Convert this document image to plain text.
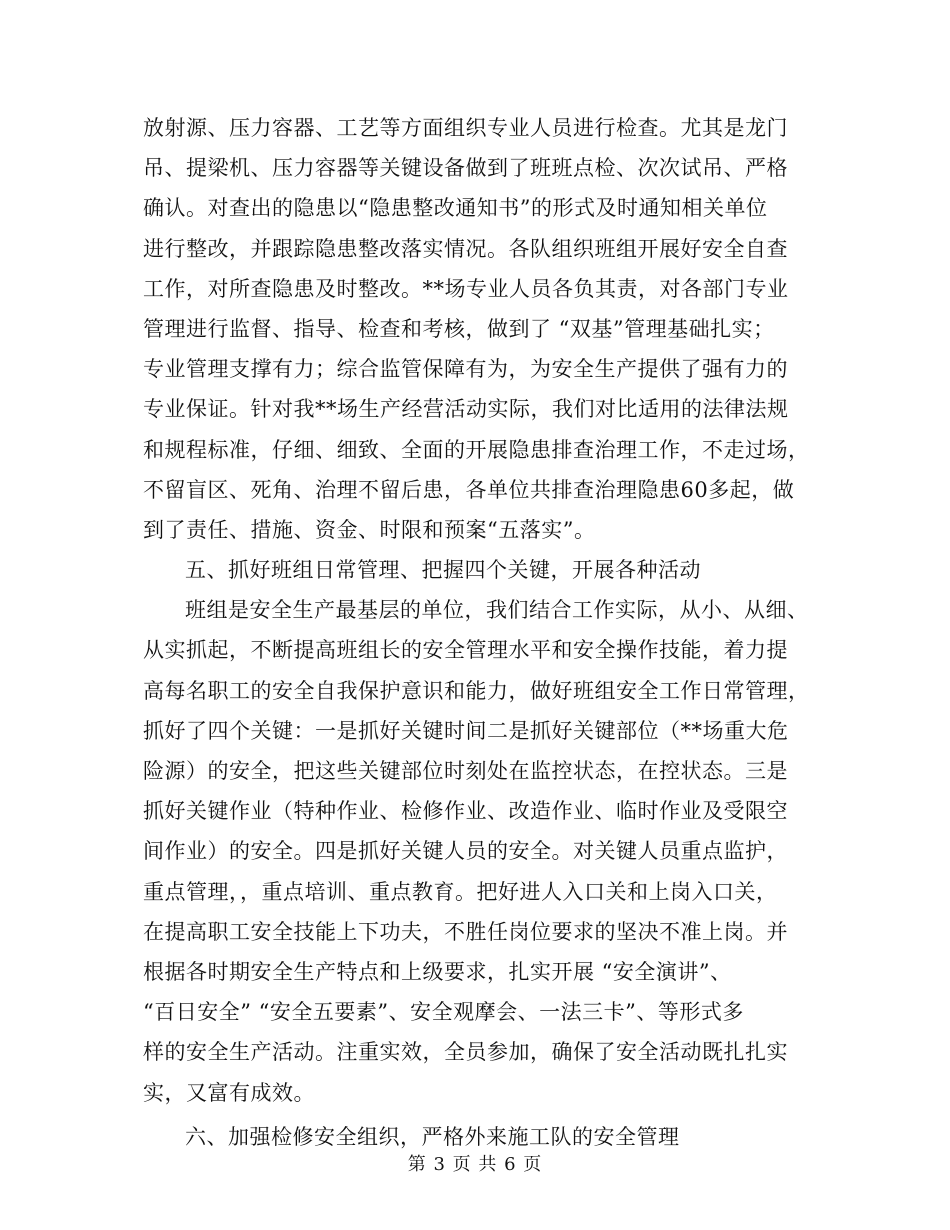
放射源、压力容器、工艺等方面组织专业人员进行检查。尤其是龙门
吊、提梁机、压力容器等关键设备做到了班班点检、次次试吊、严格
确认。对查出的隐患以“隐患整改通知书”的形式及时通知相关单位
进行整改，并跟踪隐患整改落实情况。各队组织班组开展好安全自查
工作，对所查隐患及时整改。**场专业人员各负其责，对各部门专业
管理进行监督、指导、检查和考核，做到了 “双基”管理基础扎实；
专业管理支撑有力；综合监管保障有为，为安全生产提供了强有力的
专业保证。针对我**场生产经营活动实际，我们对比适用的法律法规
和规程标准，仔细、细致、全面的开展隐患排查治理工作，不走过场，
不留盲区、死角、治理不留后患，各单位共排查治理隐患60多起，做
到了责任、措施、资金、时限和预案“五落实”。
五、抓好班组日常管理、把握四个关键，开展各种活动
班组是安全生产最基层的单位，我们结合工作实际，从小、从细、
从实抓起，不断提高班组长的安全管理水平和安全操作技能，着力提
高每名职工的安全自我保护意识和能力，做好班组安全工作日常管理，
抓好了四个关键：一是抓好关键时间二是抓好关键部位（**场重大危
险源）的安全，把这些关键部位时刻处在监控状态，在控状态。三是
抓好关键作业（特种作业、检修作业、改造作业、临时作业及受限空
间作业）的安全。四是抓好关键人员的安全。对关键人员重点监护，
重点管理，，重点培训、重点教育。把好进人入口关和上岗入口关，
在提高职工安全技能上下功夫，不胜任岗位要求的坚决不准上岗。并
根据各时期安全生产特点和上级要求，扎实开展 “安全演讲”、
“百日安全” “安全五要素”、安全观摩会、一法三卡”、等形式多
样的安全生产活动。注重实效，全员参加，确保了安全活动既扎扎实
实，又富有成效。
六、加强检修安全组织，严格外来施工队的安全管理
第 3 页 共 6 页
